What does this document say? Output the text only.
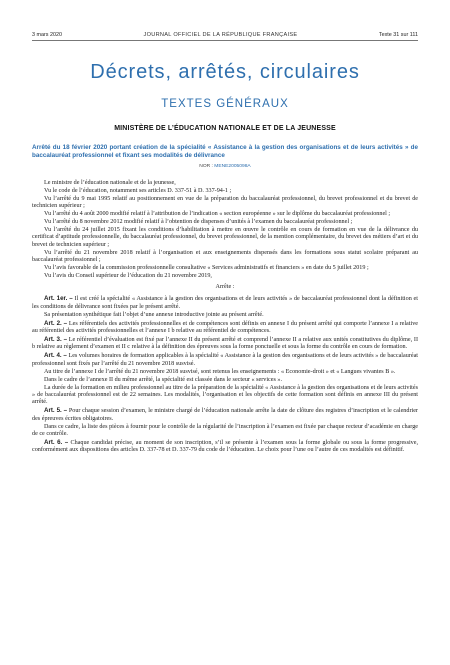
3 mars 2020	JOURNAL OFFICIEL DE LA RÉPUBLIQUE FRANÇAISE	Texte 31 sur 111
Décrets, arrêtés, circulaires
TEXTES GÉNÉRAUX
MINISTÈRE DE L’ÉDUCATION NATIONALE ET DE LA JEUNESSE
Arrêté du 18 février 2020 portant création de la spécialité « Assistance à la gestion des organisations et de leurs activités » de baccalauréat professionnel et fixant ses modalités de délivrance
NOR : MENE2005098A

Le ministre de l’éducation nationale et de la jeunesse,

Vu le code de l’éducation, notamment ses articles D. 337-51 à D. 337-94-1 ;

Vu l’arrêté du 9 mai 1995 relatif au positionnement en vue de la préparation du baccalauréat professionnel, du brevet professionnel et du brevet de technicien supérieur ;

Vu l’arrêté du 4 août 2000 modifié relatif à l’attribution de l’indication « section européenne » sur le diplôme du baccalauréat professionnel ;

Vu l’arrêté du 8 novembre 2012 modifié relatif à l’obtention de dispenses d’unités à l’examen du baccalauréat professionnel ;

Vu l’arrêté du 24 juillet 2015 fixant les conditions d’habilitation à mettre en œuvre le contrôle en cours de formation en vue de la délivrance du certificat d’aptitude professionnelle, du baccalauréat professionnel, du brevet professionnel, de la mention complémentaire, du brevet des métiers d’art et du brevet de technicien supérieur ;

Vu l’arrêté du 21 novembre 2018 relatif à l’organisation et aux enseignements dispensés dans les formations sous statut scolaire préparant au baccalauréat professionnel ;

Vu l’avis favorable de la commission professionnelle consultative « Services administratifs et financiers » en date du 5 juillet 2019 ;

Vu l’avis du Conseil supérieur de l’éducation du 21 novembre 2019,

Arrête :

Art. 1er. – Il est créé la spécialité « Assistance à la gestion des organisations et de leurs activités » de baccalauréat professionnel dont la définition et les conditions de délivrance sont fixées par le présent arrêté.

Sa présentation synthétique fait l’objet d’une annexe introductive jointe au présent arrêté.

Art. 2. – Les référentiels des activités professionnelles et de compétences sont définis en annexe I du présent arrêté qui comporte l’annexe I a relative au référentiel des activités professionnelles et l’annexe I b relative au référentiel de compétences.

Art. 3. – Le référentiel d’évaluation est fixé par l’annexe II du présent arrêté et comprend l’annexe II a relative aux unités constitutives du diplôme, II b relative au règlement d’examen et II c relative à la définition des épreuves sous la forme ponctuelle et sous la forme du contrôle en cours de formation.

Art. 4. – Les volumes horaires de formation applicables à la spécialité « Assistance à la gestion des organisations et de leurs activités » de baccalauréat professionnel sont fixés par l’arrêté du 21 novembre 2018 susvisé.

Au titre de l’annexe I de l’arrêté du 21 novembre 2018 susvisé, sont retenus les enseignements : « Economie-droit » et « Langues vivantes B ».

Dans le cadre de l’annexe II du même arrêté, la spécialité est classée dans le secteur « services ».

La durée de la formation en milieu professionnel au titre de la préparation de la spécialité « Assistance à la gestion des organisations et de leurs activités » de baccalauréat professionnel est de 22 semaines. Les modalités, l’organisation et les objectifs de cette formation sont définis en annexe III du présent arrêté.

Art. 5. – Pour chaque session d’examen, le ministre chargé de l’éducation nationale arrête la date de clôture des registres d’inscription et le calendrier des épreuves écrites obligatoires.

Dans ce cadre, la liste des pièces à fournir pour le contrôle de la régularité de l’inscription à l’examen est fixée par chaque recteur d’académie en charge de ce contrôle.

Art. 6. – Chaque candidat précise, au moment de son inscription, s’il se présente à l’examen sous la forme globale ou sous la forme progressive, conformément aux dispositions des articles D. 337-78 et D. 337-79 du code de l’éducation. Le choix pour l’une ou l’autre de ces modalités est définitif.
